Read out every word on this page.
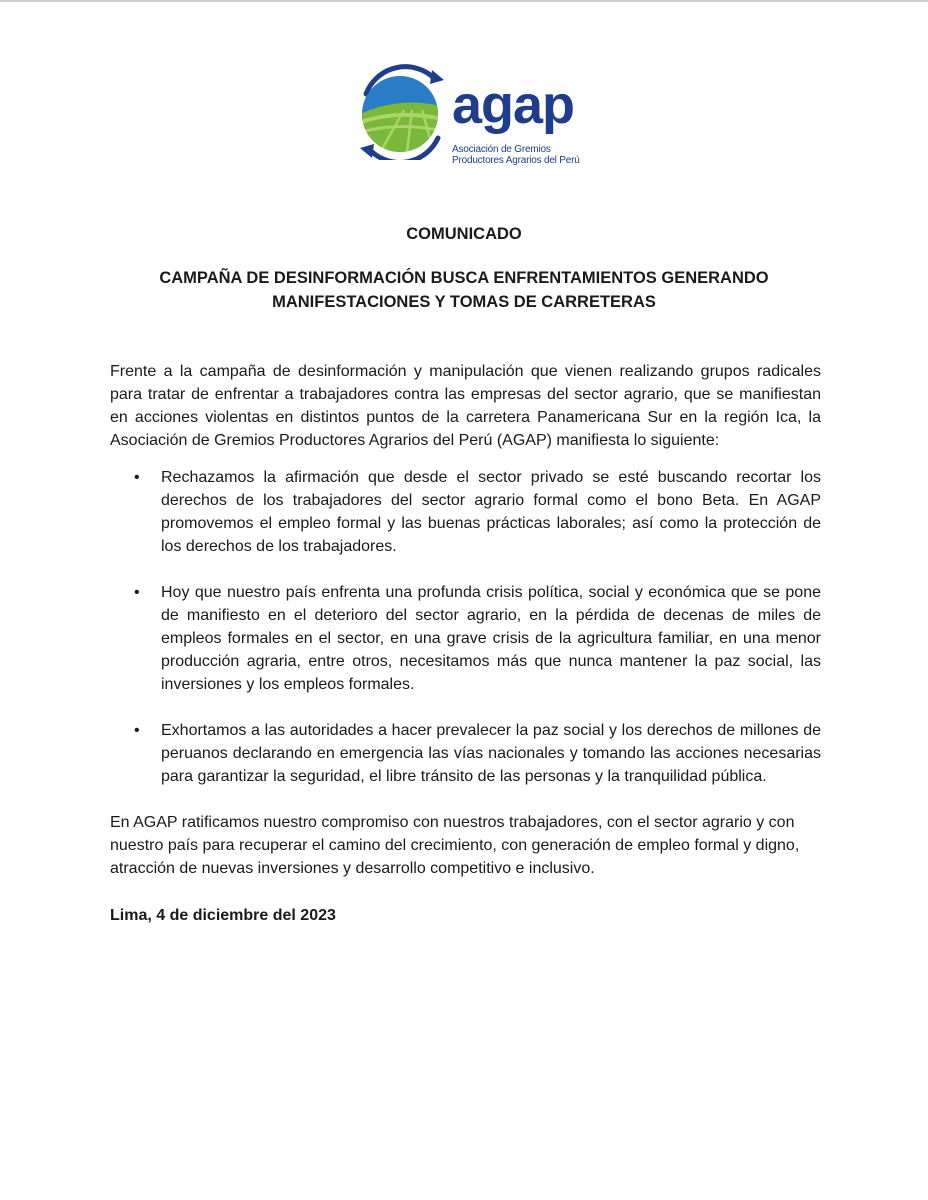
agap
Asociación de Gremios
Productores Agrarios del Perú
COMUNICADO
CAMPAÑA DE DESINFORMACIÓN BUSCA ENFRENTAMIENTOS GENERANDO
MANIFESTACIONES Y TOMAS DE CARRETERAS

Frente a la campaña de desinformación y manipulación que vienen realizando grupos radicales para tratar de enfrentar a trabajadores contra las empresas del sector agrario, que se manifiestan en acciones violentas en distintos puntos de la carretera Panamericana Sur en la región Ica, la Asociación de Gremios Productores Agrarios del Perú (AGAP) manifiesta lo siguiente:

• Rechazamos la afirmación que desde el sector privado se esté buscando recortar los derechos de los trabajadores del sector agrario formal como el bono Beta. En AGAP promovemos el empleo formal y las buenas prácticas laborales; así como la protección de los derechos de los trabajadores.
• Hoy que nuestro país enfrenta una profunda crisis política, social y económica que se pone de manifiesto en el deterioro del sector agrario, en la pérdida de decenas de miles de empleos formales en el sector, en una grave crisis de la agricultura familiar, en una menor producción agraria, entre otros, necesitamos más que nunca mantener la paz social, las inversiones y los empleos formales.
• Exhortamos a las autoridades a hacer prevalecer la paz social y los derechos de millones de peruanos declarando en emergencia las vías nacionales y tomando las acciones necesarias para garantizar la seguridad, el libre tránsito de las personas y la tranquilidad pública.

En AGAP ratificamos nuestro compromiso con nuestros trabajadores, con el sector agrario y con nuestro país para recuperar el camino del crecimiento, con generación de empleo formal y digno, atracción de nuevas inversiones y desarrollo competitivo e inclusivo.

Lima, 4 de diciembre del 2023
